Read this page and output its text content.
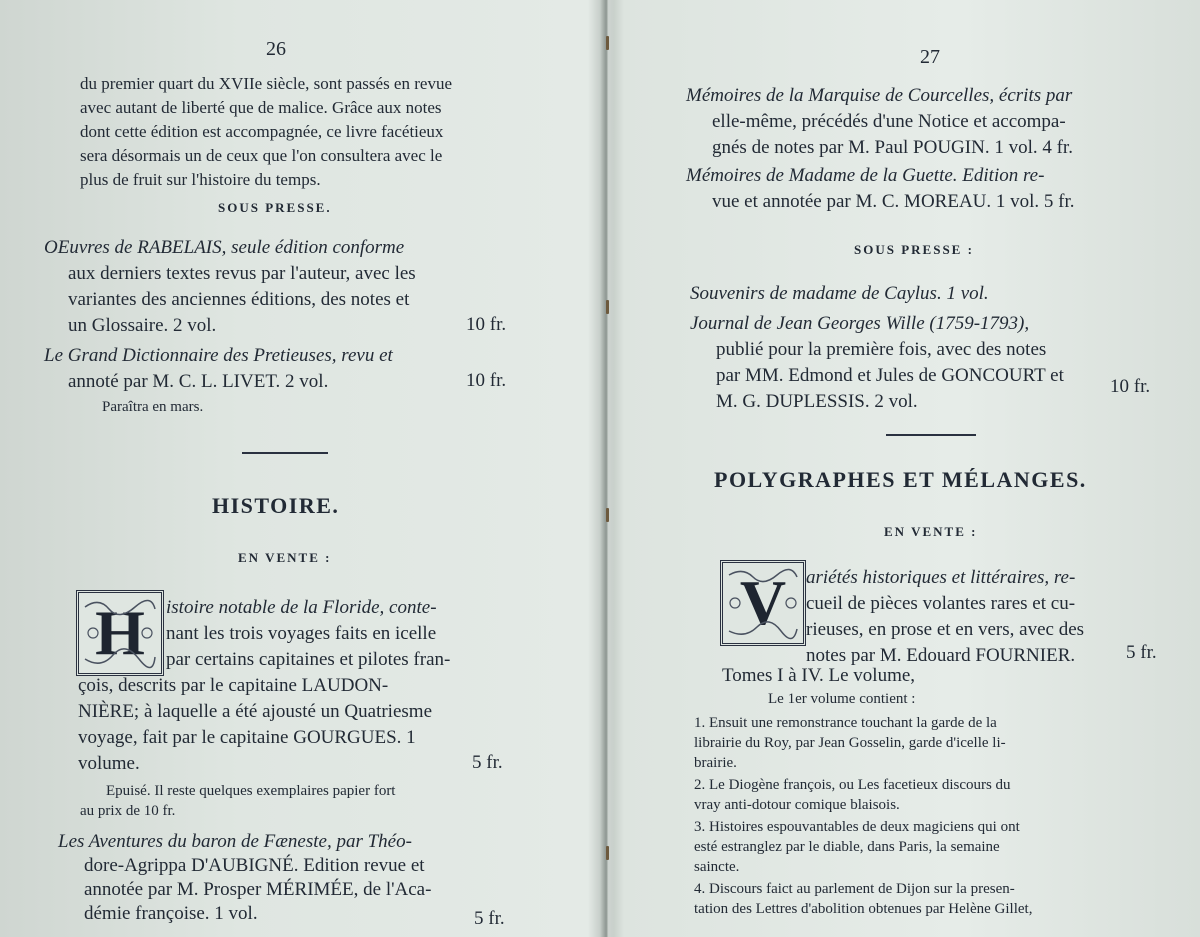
26
du premier quart du XVIIe siècle, sont passés en revue
avec autant de liberté que de malice. Grâce aux notes
dont cette édition est accompagnée, ce livre facétieux
sera désormais un de ceux que l'on consultera avec le
plus de fruit sur l'histoire du temps.
SOUS PRESSE.
OEuvres de RABELAIS, seule édition conforme
aux derniers textes revus par l'auteur, avec les
variantes des anciennes éditions, des notes et
un Glossaire. 2 vol.	10 fr.
Le Grand Dictionnaire des Pretieuses, revu et
annoté par M. C. L. LIVET. 2 vol.	10 fr.
Paraîtra en mars.
HISTOIRE.
EN VENTE :
H istoire notable de la Floride, conte-
nant les trois voyages faits en icelle
par certains capitaines et pilotes fran-
çois, descrits par le capitaine LAUDON-
NIÈRE; à laquelle a été ajousté un Quatriesme
voyage, fait par le capitaine GOURGUES. 1
volume.	5 fr.
Epuisé. Il reste quelques exemplaires papier fort
au prix de 10 fr.
Les Aventures du baron de Fæneste, par Théo-
dore-Agrippa D'AUBIGNÉ. Edition revue et
annotée par M. Prosper MÉRIMÉE, de l'Aca-
démie françoise. 1 vol.	5 fr.
27
Mémoires de la Marquise de Courcelles, écrits par
elle-même, précédés d'une Notice et accompa-
gnés de notes par M. Paul POUGIN. 1 vol. 4 fr.
Mémoires de Madame de la Guette. Edition re-
vue et annotée par M. C. MOREAU. 1 vol. 5 fr.
SOUS PRESSE :
Souvenirs de madame de Caylus. 1 vol.
Journal de Jean Georges Wille (1759-1793),
publié pour la première fois, avec des notes
par MM. Edmond et Jules de GONCOURT et
M. G. DUPLESSIS. 2 vol.
10 fr.
POLYGRAPHES ET MÉLANGES.
EN VENTE :
V ariétés historiques et littéraires, re-
cueil de pièces volantes rares et cu-
rieuses, en prose et en vers, avec des
notes par M. Edouard FOURNIER.
Tomes I à IV. Le volume,
5 fr.
Le 1er volume contient :
1. Ensuit une remonstrance touchant la garde de la
librairie du Roy, par Jean Gosselin, garde d'icelle li-
brairie.
2. Le Diogène françois, ou Les facetieux discours du
vray anti-dotour comique blaisois.
3. Histoires espouvantables de deux magiciens qui ont
esté estranglez par le diable, dans Paris, la semaine
saincte.
4. Discours faict au parlement de Dijon sur la presen-
tation des Lettres d'abolition obtenues par Helène Gillet,
